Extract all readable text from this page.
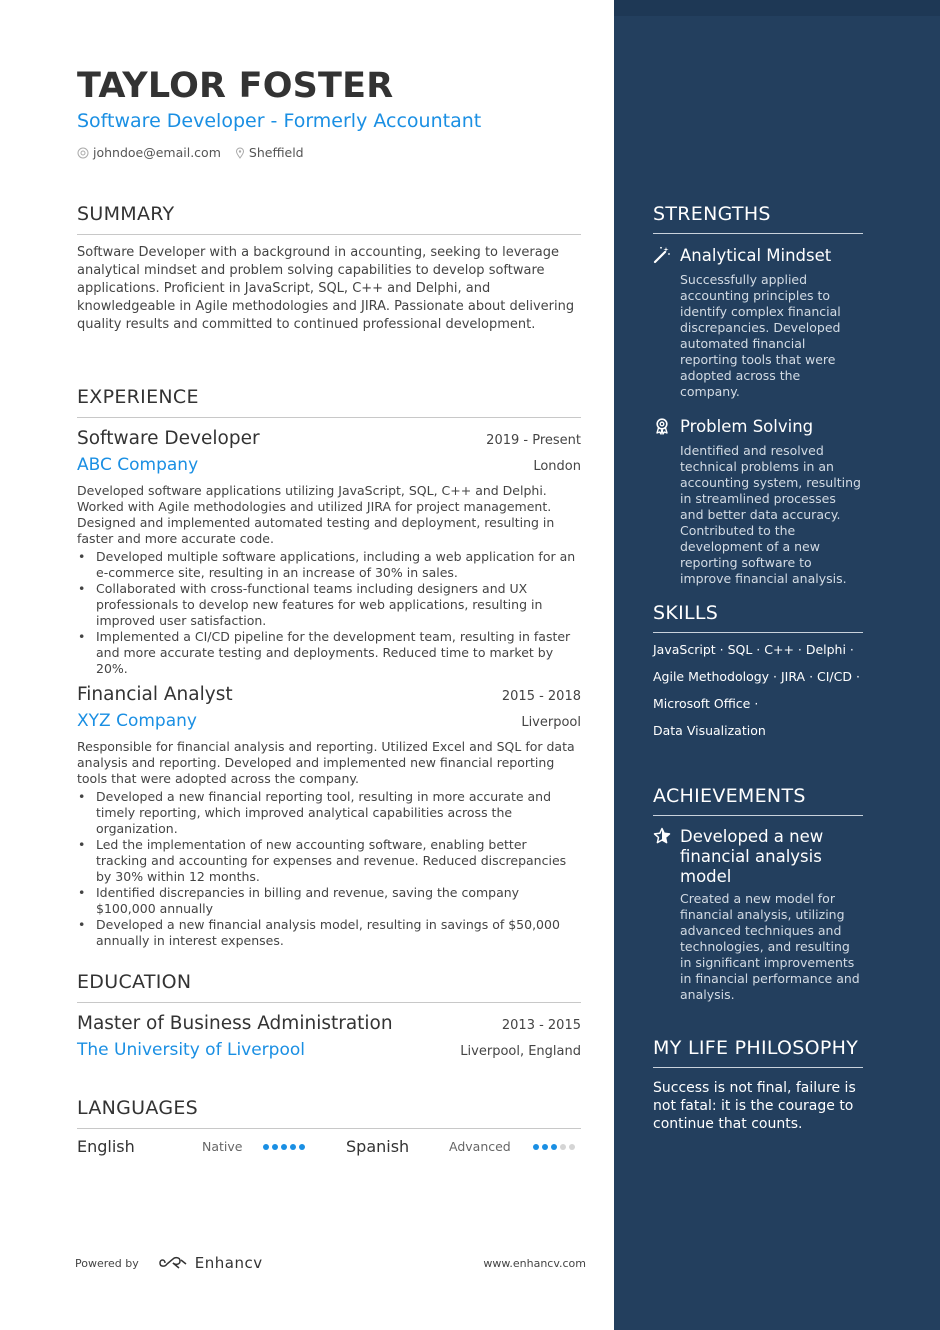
TAYLOR FOSTER
Software Developer - Formerly Accountant
johndoe@email.com Sheffield
SUMMARY
Software Developer with a background in accounting, seeking to leverage analytical mindset and problem solving capabilities to develop software applications. Proficient in JavaScript, SQL, C++ and Delphi, and knowledgeable in Agile methodologies and JIRA. Passionate about delivering quality results and committed to continued professional development.
EXPERIENCE
Software Developer	2019 - Present
ABC Company	London
Developed software applications utilizing JavaScript, SQL, C++ and Delphi. Worked with Agile methodologies and utilized JIRA for project management. Designed and implemented automated testing and deployment, resulting in faster and more accurate code.
• Developed multiple software applications, including a web application for an e-commerce site, resulting in an increase of 30% in sales.
• Collaborated with cross-functional teams including designers and UX professionals to develop new features for web applications, resulting in improved user satisfaction.
• Implemented a CI/CD pipeline for the development team, resulting in faster and more accurate testing and deployments. Reduced time to market by 20%.
Financial Analyst	2015 - 2018
XYZ Company	Liverpool
Responsible for financial analysis and reporting. Utilized Excel and SQL for data analysis and reporting. Developed and implemented new financial reporting tools that were adopted across the company.
• Developed a new financial reporting tool, resulting in more accurate and timely reporting, which improved analytical capabilities across the organization.
• Led the implementation of new accounting software, enabling better tracking and accounting for expenses and revenue. Reduced discrepancies by 30% within 12 months.
• Identified discrepancies in billing and revenue, saving the company $100,000 annually
• Developed a new financial analysis model, resulting in savings of $50,000 annually in interest expenses.
EDUCATION
Master of Business Administration	2013 - 2015
The University of Liverpool	Liverpool, England
LANGUAGES
English	Native	Spanish	Advanced
Powered by	Enhancv	www.enhancv.com
STRENGTHS
Analytical Mindset
Successfully applied accounting principles to identify complex financial discrepancies. Developed automated financial reporting tools that were adopted across the company.
Problem Solving
Identified and resolved technical problems in an accounting system, resulting in streamlined processes and better data accuracy. Contributed to the development of a new reporting software to improve financial analysis.
SKILLS
JavaScript · SQL · C++ · Delphi ·
Agile Methodology · JIRA · CI/CD ·
Microsoft Office ·
Data Visualization
ACHIEVEMENTS
Developed a new financial analysis model
Created a new model for financial analysis, utilizing advanced techniques and technologies, and resulting in significant improvements in financial performance and analysis.
MY LIFE PHILOSOPHY
Success is not final, failure is not fatal: it is the courage to continue that counts.
